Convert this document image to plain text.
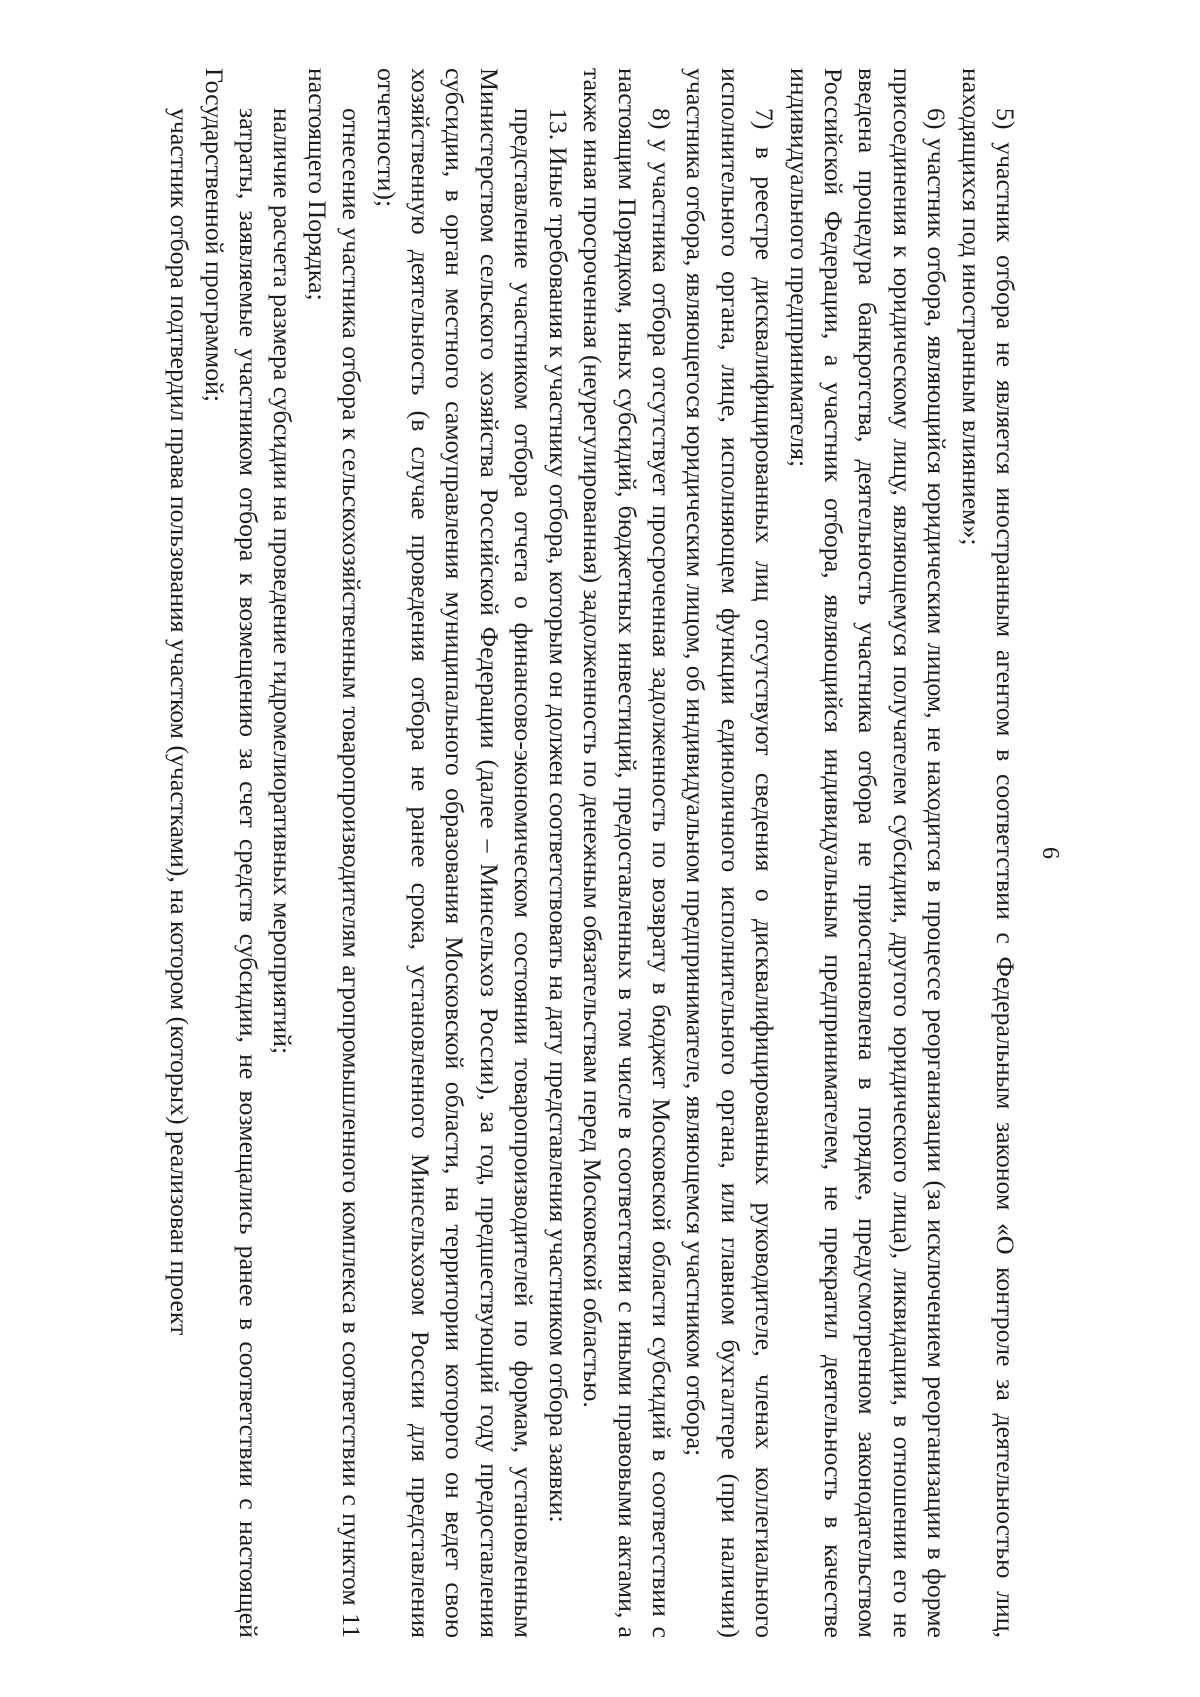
6

5) участник отбора не является иностранным агентом в соответствии с Федеральным законом «О контроле за деятельностью лиц, находящихся под иностранным влиянием»;

6) участник отбора, являющийся юридическим лицом, не находится в процессе реорганизации (за исключением реорганизации в форме присоединения к юридическому лицу, являющемуся получателем субсидии, другого юридического лица), ликвидации, в отношении его не введена процедура банкротства, деятельность участника отбора не приостановлена в порядке, предусмотренном законодательством Российской Федерации, а участник отбора, являющийся индивидуальным предпринимателем, не прекратил деятельность в качестве индивидуального предпринимателя;

7) в реестре дисквалифицированных лиц отсутствуют сведения о дисквалифицированных руководителе, членах коллегиального исполнительного органа, лице, исполняющем функции единоличного исполнительного органа, или главном бухгалтере (при наличии) участника отбора, являющегося юридическим лицом, об индивидуальном предпринимателе, являющемся участником отбора;

8) у участника отбора отсутствует просроченная задолженность по возврату в бюджет Московской области субсидий в соответствии с настоящим Порядком, иных субсидий, бюджетных инвестиций, предоставленных в том числе в соответствии с иными правовыми актами, а также иная просроченная (неурегулированная) задолженность по денежным обязательствам перед Московской областью.

13. Иные требования к участнику отбора, которым он должен соответствовать на дату представления участником отбора заявки:

представление участником отбора отчета о финансово-экономическом состоянии товаропроизводителей по формам, установленным Министерством сельского хозяйства Российской Федерации (далее – Минсельхоз России), за год, предшествующий году предоставления субсидии, в орган местного самоуправления муниципального образования Московской области, на территории которого он ведет свою хозяйственную деятельность (в случае проведения отбора не ранее срока, установленного Минсельхозом России для представления отчетности);

отнесение участника отбора к сельскохозяйственным товаропроизводителям агропромышленного комплекса в соответствии с пунктом 11 настоящего Порядка;

наличие расчета размера субсидии на проведение гидромелиоративных мероприятий;

затраты, заявляемые участником отбора к возмещению за счет средств субсидии, не возмещались ранее в соответствии с настоящей Государственной программой;

участник отбора подтвердил права пользования участком (участками), на котором (которых) реализован проект
